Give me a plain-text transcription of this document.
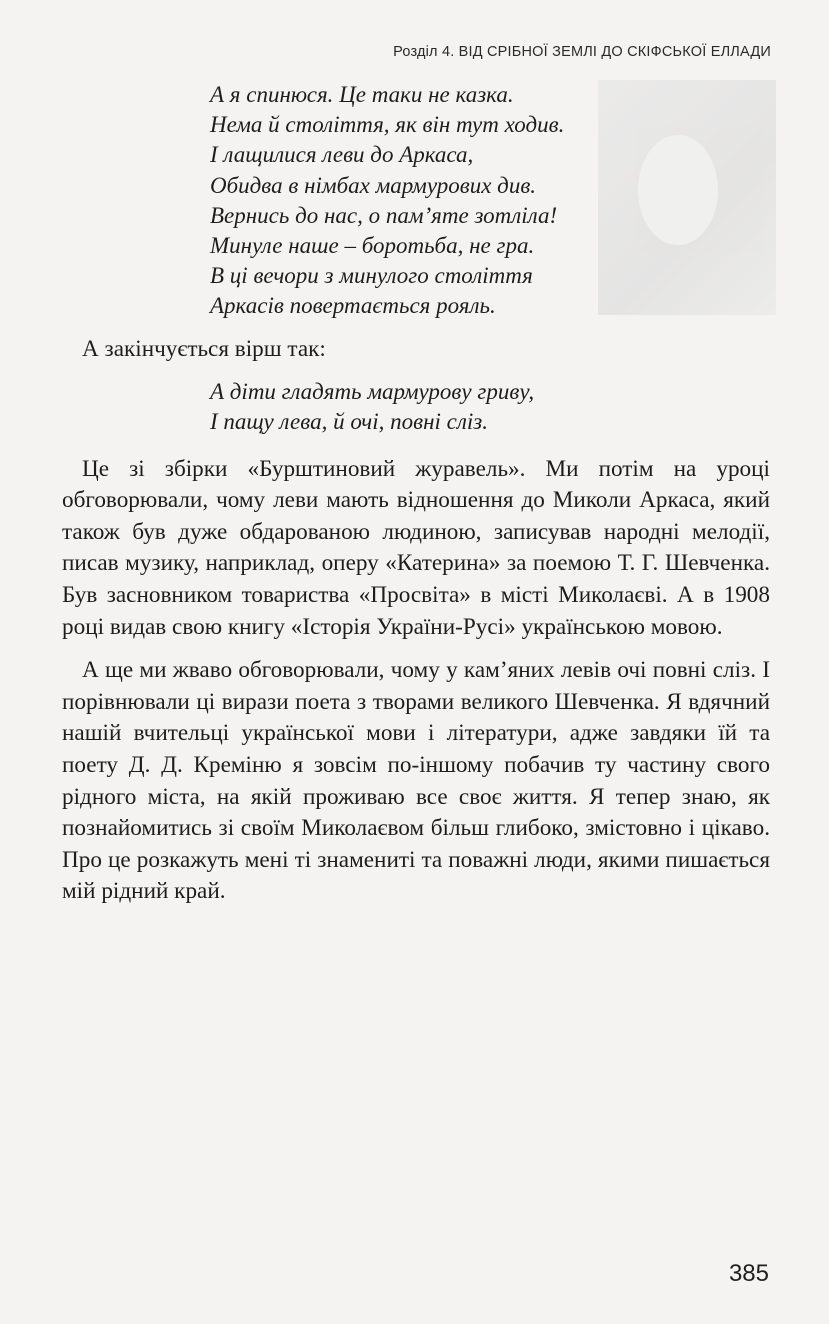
Розділ 4. ВІД СРІБНОЇ ЗЕМЛІ ДО СКІФСЬКОЇ ЕЛЛАДИ
А я спинюся. Це таки не казка.
Нема й століття, як він тут ходив.
І лащилися леви до Аркаса,
Обидва в німбах мармурових див.
Вернись до нас, о пам’яте зотліла!
Минуле наше – боротьба, не гра.
В ці вечори з минулого століття
Аркасів повертається рояль.

А закінчується вірш так:

А діти гладять мармурову гриву,
І пащу лева, й очі, повні сліз.

Це зі збірки «Бурштиновий журавель». Ми потім на уроці обговорювали, чому леви мають відношення до Миколи Аркаса, який також був дуже обдарованою людиною, записував народні мелодії, писав музику, наприклад, оперу «Катерина» за поемою Т. Г. Шевченка. Був засновником товариства «Просвіта» в місті Миколаєві. А в 1908 році видав свою книгу «Історія України-Русі» українською мовою.

А ще ми жваво обговорювали, чому у кам’яних левів очі повні сліз. І порівнювали ці вирази поета з творами великого Шевченка. Я вдячний нашій вчительці української мови і літератури, адже завдяки їй та поету Д. Д. Креміню я зовсім по-іншому побачив ту частину свого рідного міста, на якій проживаю все своє життя. Я тепер знаю, як познайомитись зі своїм Миколаєвом більш глибоко, змістовно і цікаво. Про це розкажуть мені ті знамениті та поважні люди, якими пишається мій рідний край.

385
